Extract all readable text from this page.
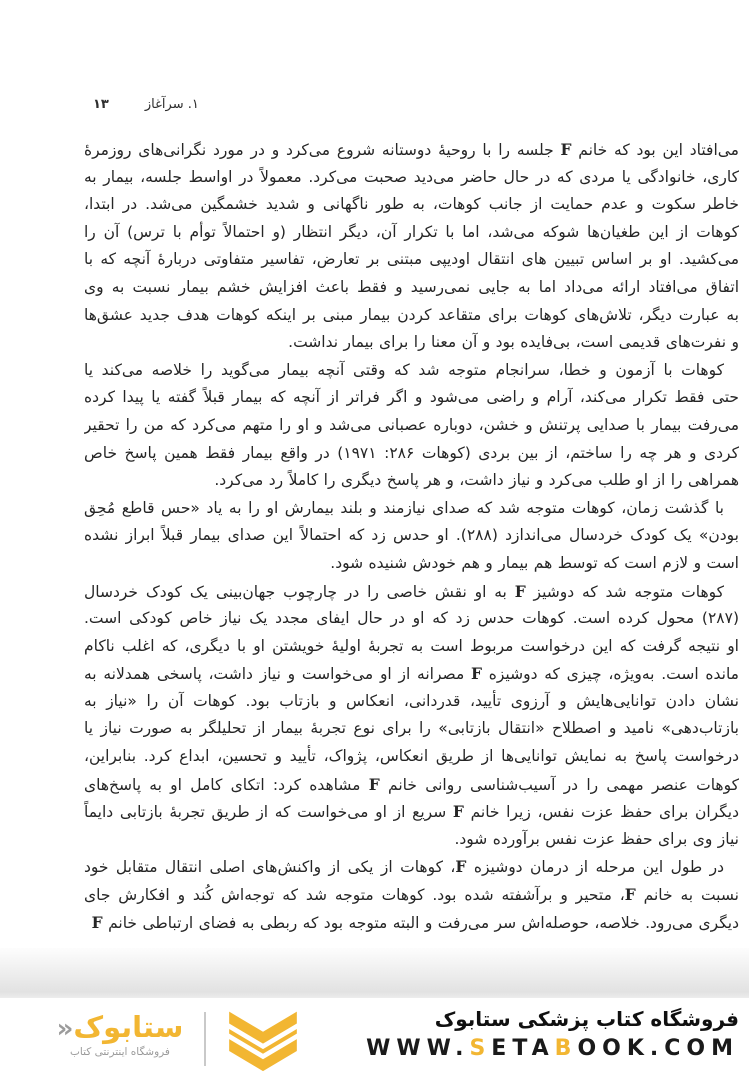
۱. سرآغاز
۱۳
می‌افتاد این بود که خانم F جلسه را با روحیهٔ دوستانه شروع می‌کرد و در مورد نگرانی‌های روزمرهٔ
کاری، خانوادگی یا مردی که در حال حاضر می‌دید صحبت می‌کرد. معمولاً در اواسط جلسه، بیمار به
خاطر سکوت و عدم حمایت از جانب کوهات، به طور ناگهانی و شدید خشمگین می‌شد. در ابتدا،
کوهات از این طغیان‌ها شوکه می‌شد، اما با تکرار آن، دیگر انتظار (و احتمالاً توأم با ترس) آن را
می‌کشید. او بر اساس تبیین های انتقال اودیپی مبتنی بر تعارض، تفاسیر متفاوتی دربارهٔ آنچه که با
اتفاق می‌افتاد ارائه می‌داد اما به جایی نمی‌رسید و فقط باعث افزایش خشم بیمار نسبت به وی
به عبارت دیگر، تلاش‌های کوهات برای متقاعد کردن بیمار مبنی بر اینکه کوهات هدف جدید عشق‌ها
و نفرت‌های قدیمی است، بی‌فایده بود و آن معنا را برای بیمار نداشت.
کوهات با آزمون و خطا، سرانجام متوجه شد که وقتی آنچه بیمار می‌گوید را خلاصه می‌کند یا
حتی فقط تکرار می‌کند، آرام و راضی می‌شود و اگر فراتر از آنچه که بیمار قبلاً گفته یا پیدا کرده
می‌رفت بیمار با صدایی پرتنش و خشن، دوباره عصبانی می‌شد و او را متهم می‌کرد که من را تحقیر
کردی و هر چه را ساختم، از بین بردی (کوهات ۲۸۶: ۱۹۷۱) در واقع بیمار فقط همین پاسخ خاص
همراهی را از او طلب می‌کرد و نیاز داشت، و هر پاسخ دیگری را کاملاً رد می‌کرد.
با گذشت زمان، کوهات متوجه شد که صدای نیازمند و بلند بیمارش او را به یاد «حس قاطع مُحِق
بودن» یک کودک خردسال می‌اندازد (۲۸۸). او حدس زد که احتمالاً این صدای بیمار قبلاً ابراز نشده
است و لازم است که توسط هم بیمار و هم خودش شنیده شود.
کوهات متوجه شد که دوشیز F به او نقش خاصی را در چارچوب جهان‌بینی یک کودک خردسال
(۲۸۷) محول کرده است. کوهات حدس زد که او در حال ایفای مجدد یک نیاز خاص کودکی است.
او نتیجه گرفت که این درخواست مربوط است به تجربهٔ اولیهٔ خویشتن او با دیگری، که اغلب ناکام
مانده است. به‌ویژه، چیزی که دوشیزه F مصرانه از او می‌خواست و نیاز داشت، پاسخی همدلانه به
نشان دادن توانایی‌هایش و آرزوی تأیید، قدردانی، انعکاس و بازتاب بود. کوهات آن را «نیاز به
بازتاب‌دهی» نامید و اصطلاح «انتقال بازتابی» را برای نوع تجربهٔ بیمار از تحلیلگر به صورت نیاز یا
درخواست پاسخ به نمایش توانایی‌ها از طریق انعکاس، پژواک، تأیید و تحسین، ابداع کرد. بنابراین،
کوهات عنصر مهمی را در آسیب‌شناسی روانی خانم F مشاهده کرد: اتکای کامل او به پاسخ‌های
دیگران برای حفظ عزت نفس، زیرا خانم F سریع از او می‌خواست که از طریق تجربهٔ بازتابی دایماً
نیاز وی برای حفظ عزت نفس برآورده شود.
در طول این مرحله از درمان دوشیزه F، کوهات از یکی از واکنش‌های اصلی انتقال متقابل خود
نسبت به خانم F، متحیر و برآشفته شده بود. کوهات متوجه شد که توجه‌اش کُند و افکارش جای
دیگری می‌رود. خلاصه، حوصله‌اش سر می‌رفت و البته متوجه بود که ربطی به فضای ارتباطی خانم F
ستابوک«
فروشگاه اینترنتی کتاب
فروشگاه کتاب پزشکی ستابوک
WWW.SETABOOK.COM
